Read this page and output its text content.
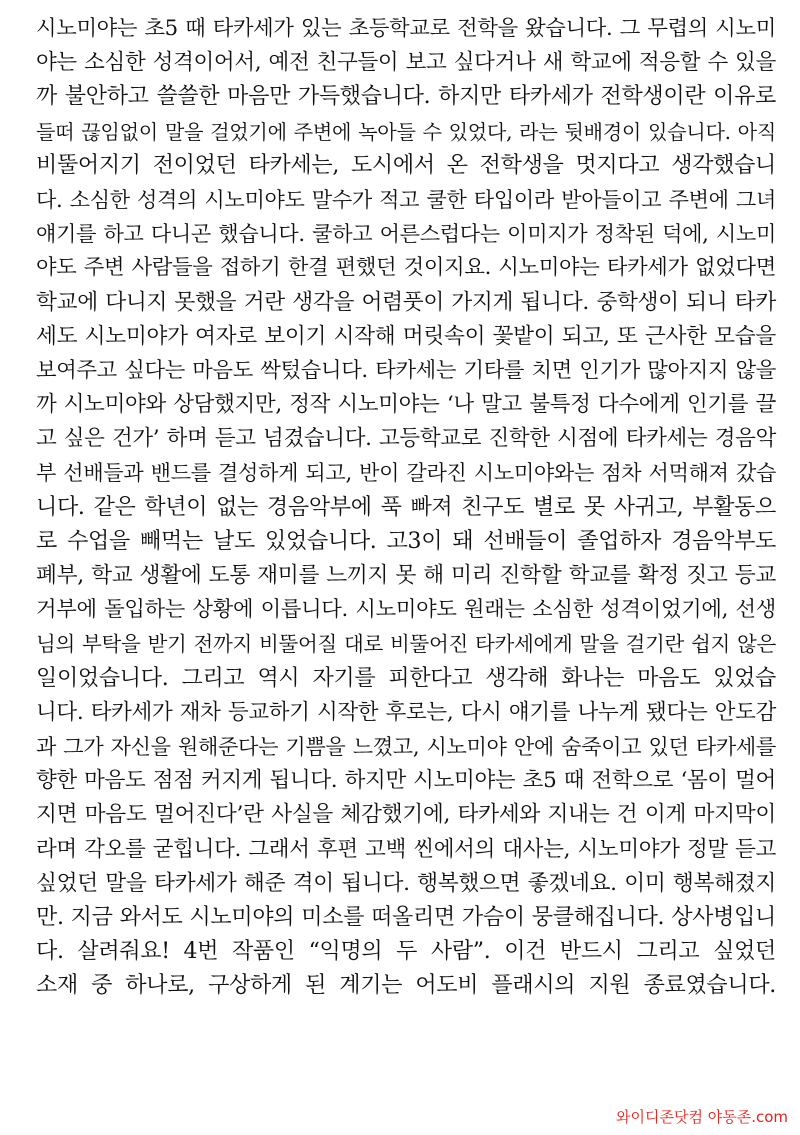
시노미야는 초5 때 타카세가 있는 초등학교로 전학을 왔습니다. 그 무렵의 시노미
야는 소심한 성격이어서, 예전 친구들이 보고 싶다거나 새 학교에 적응할 수 있을
까 불안하고 쓸쓸한 마음만 가득했습니다. 하지만 타카세가 전학생이란 이유로
들떠 끊임없이 말을 걸었기에 주변에 녹아들 수 있었다, 라는 뒷배경이 있습니다. 아직
비뚤어지기 전이었던 타카세는, 도시에서 온 전학생을 멋지다고 생각했습니
다. 소심한 성격의 시노미야도 말수가 적고 쿨한 타입이라 받아들이고 주변에 그녀
얘기를 하고 다니곤 했습니다. 쿨하고 어른스럽다는 이미지가 정착된 덕에, 시노미
야도 주변 사람들을 접하기 한결 편했던 것이지요. 시노미야는 타카세가 없었다면
학교에 다니지 못했을 거란 생각을 어렴풋이 가지게 됩니다. 중학생이 되니 타카
세도 시노미야가 여자로 보이기 시작해 머릿속이 꽃밭이 되고, 또 근사한 모습을
보여주고 싶다는 마음도 싹텄습니다. 타카세는 기타를 치면 인기가 많아지지 않을
까 시노미야와 상담했지만, 정작 시노미야는 ‘나 말고 불특정 다수에게 인기를 끌
고 싶은 건가’ 하며 듣고 넘겼습니다. 고등학교로 진학한 시점에 타카세는 경음악
부 선배들과 밴드를 결성하게 되고, 반이 갈라진 시노미야와는 점차 서먹해져 갔습
니다. 같은 학년이 없는 경음악부에 푹 빠져 친구도 별로 못 사귀고, 부활동으
로 수업을 빼먹는 날도 있었습니다. 고3이 돼 선배들이 졸업하자 경음악부도
폐부, 학교 생활에 도통 재미를 느끼지 못 해 미리 진학할 학교를 확정 짓고 등교
거부에 돌입하는 상황에 이릅니다. 시노미야도 원래는 소심한 성격이었기에, 선생
님의 부탁을 받기 전까지 비뚤어질 대로 비뚤어진 타카세에게 말을 걸기란 쉽지 않은
일이었습니다. 그리고 역시 자기를 피한다고 생각해 화나는 마음도 있었습
니다. 타카세가 재차 등교하기 시작한 후로는, 다시 얘기를 나누게 됐다는 안도감
과 그가 자신을 원해준다는 기쁨을 느꼈고, 시노미야 안에 숨죽이고 있던 타카세를
향한 마음도 점점 커지게 됩니다. 하지만 시노미야는 초5 때 전학으로 ‘몸이 멀어
지면 마음도 멀어진다’란 사실을 체감했기에, 타카세와 지내는 건 이게 마지막이
라며 각오를 굳힙니다. 그래서 후편 고백 씬에서의 대사는, 시노미야가 정말 듣고
싶었던 말을 타카세가 해준 격이 됩니다. 행복했으면 좋겠네요. 이미 행복해졌지
만. 지금 와서도 시노미야의 미소를 떠올리면 가슴이 뭉클해집니다. 상사병입니
다. 살려줘요! 4번 작품인 “익명의 두 사람”. 이건 반드시 그리고 싶었던
소재 중 하나로, 구상하게 된 계기는 어도비 플래시의 지원 종료였습니다.
와이디존닷컴 야동존.com
